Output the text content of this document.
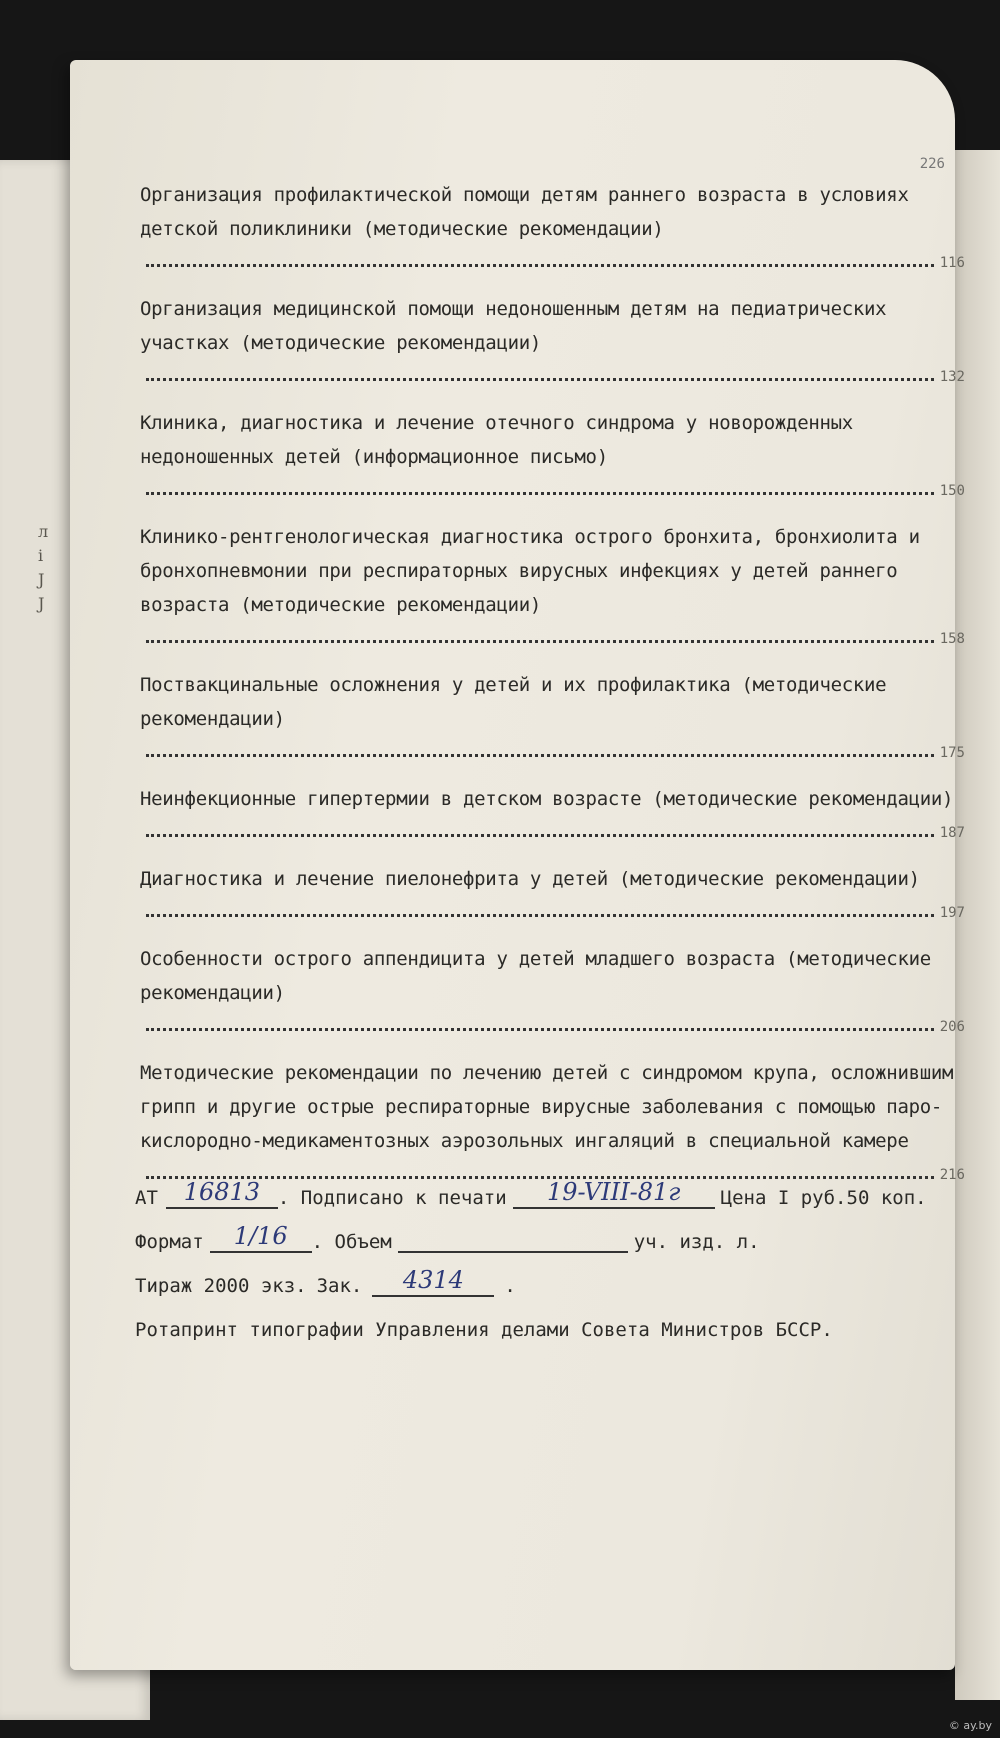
л
і
Ј
Ј
226
Организация профилактической помощи детям раннего возраста в условиях детской поликлиники (методические рекомендации)
116
Организация медицинской помощи недоношенным детям на педиатрических участках (методические рекомендации)
132
Клиника, диагностика и лечение отечного синдрома у новорожденных недоношенных детей (информационное письмо)
150
Клинико-рентгенологическая диагностика острого бронхита, бронхиолита и бронхопневмонии при респираторных вирусных инфекциях у детей раннего возраста (методические рекомендации)
158
Поствакцинальные осложнения у детей и их профилактика (методические рекомендации)
175
Неинфекционные гипертермии в детском возрасте (методические рекомендации)
187
Диагностика и лечение пиелонефрита у детей (методические рекомендации)
197
Особенности острого аппендицита у детей младшего возраста (методические рекомендации)
206
Методические рекомендации по лечению детей с синдромом крупа, осложнившим грипп и другие острые респираторные вирусные заболевания с помощью паро-кислородно-медикаментозных аэрозольных ингаляций в специальной камере
216
АТ	16813 . Подписано к печати	19-VIII-81г	Цена I руб.50 коп.
Формат	1/16	. Объем	уч. изд. л.
Тираж 2000 экз. Зак.	4314	.
Ротапринт типографии Управления делами Совета Министров БССР.
© ay.by
